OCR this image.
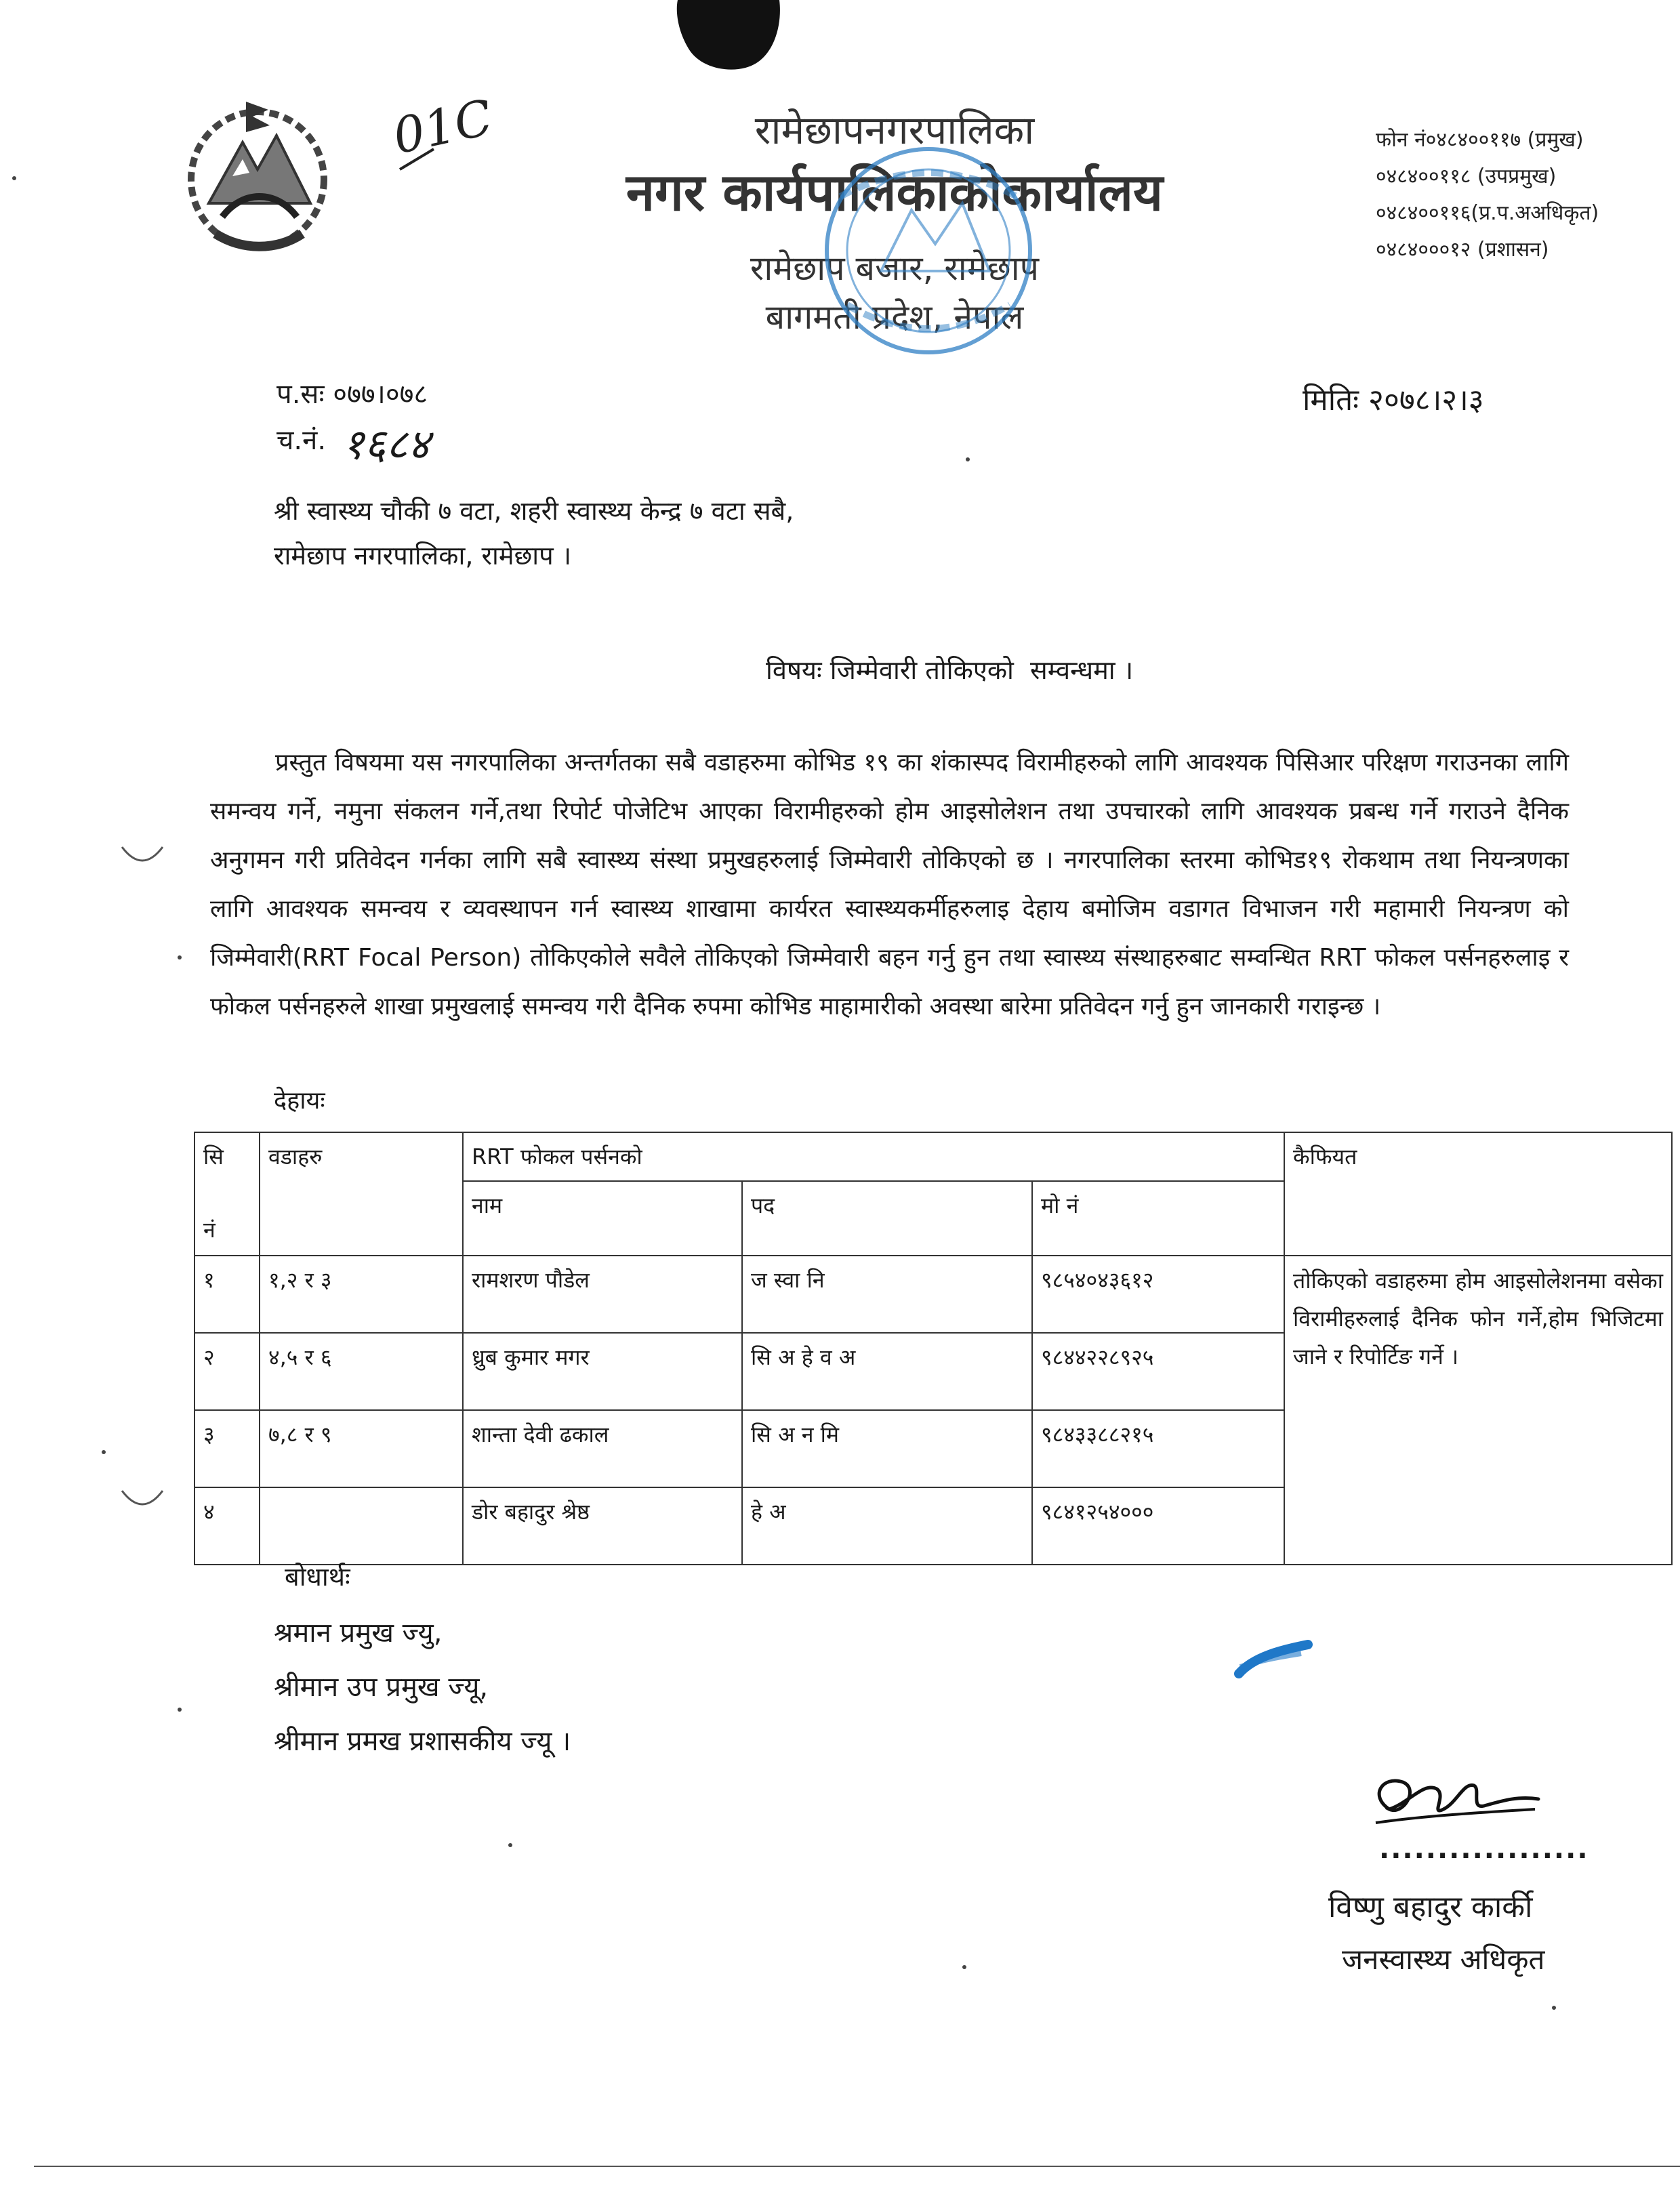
01C	रामेछापनगरपालिका
नगर कार्यपालिकाकोकार्यालय
रामेछाप बजार, रामेछाप
बागमती प्रदेश, नेपाल
फोन नं०४८४००११७ (प्रमुख)
०४८४००११८ (उपप्रमुख)
०४८४००११६(प्र.प.अअधिकृत)
०४८४०००१२ (प्रशासन)
प.सः ०७७।०७८
च.नं. १६८४
मितिः २०७८।२।३
श्री स्वास्थ्य चौकी ७ वटा, शहरी स्वास्थ्य केन्द्र ७ वटा सबै,
रामेछाप नगरपालिका, रामेछाप ।
विषयः जिम्मेवारी तोकिएको  सम्वन्धमा ।
प्रस्तुत विषयमा यस नगरपालिका अन्तर्गतका सबै वडाहरुमा कोभिड १९ का शंकास्पद विरामीहरुको लागि आवश्यक पिसिआर परिक्षण गराउनका लागि समन्वय गर्ने, नमुना संकलन गर्ने,तथा रिपोर्ट पोजेटिभ आएका विरामीहरुको होम आइसोलेशन तथा उपचारको लागि आवश्यक प्रबन्ध गर्ने गराउने दैनिक अनुगमन गरी प्रतिवेदन गर्नका लागि सबै स्वास्थ्य संस्था प्रमुखहरुलाई जिम्मेवारी तोकिएको छ । नगरपालिका स्तरमा कोभिड१९ रोकथाम तथा नियन्त्रणका लागि आवश्यक समन्वय र व्यवस्थापन गर्न स्वास्थ्य शाखामा कार्यरत स्वास्थ्यकर्मीहरुलाइ देहाय बमोजिम वडागत विभाजन गरी महामारी नियन्त्रण को जिम्मेवारी(RRT Focal Person) तोकिएकोले सवैले तोकिएको जिम्मेवारी बहन गर्नु हुन तथा स्वास्थ्य संस्थाहरुबाट सम्वन्धित RRT फोकल पर्सनहरुलाइ र फोकल पर्सनहरुले शाखा प्रमुखलाई समन्वय गरी दैनिक रुपमा कोभिड माहामारीको अवस्था बारेमा प्रतिवेदन गर्नु हुन जानकारी गराइन्छ ।
देहायः
सि
नं	वडाहरु	RRT फोकल पर्सनको			कैफियत
		नाम	पद	मो नं	
१	१,२ र ३	रामशरण पौडेल	ज स्वा नि	९८५४०४३६१२	तोकिएको वडाहरुमा होम आइसोलेशनमा वसेका विरामीहरुलाई दैनिक फोन गर्ने,होम भिजिटमा जाने र रिपोर्टिङ गर्ने ।
२	४,५ र ६	ध्रुब कुमार मगर	सि अ हे व अ	९८४४२२८९२५	
३	७,८ र ९	शान्ता देवी ढकाल	सि अ न मि	९८४३३८८२१५	
४		डोर बहादुर श्रेष्ठ	हे अ	९८४१२५४०००	
बोधार्थः
श्रमान प्रमुख ज्यु,
श्रीमान उप प्रमुख ज्यू,
श्रीमान प्रमख प्रशासकीय ज्यू ।
..................
विष्णु बहादुर कार्की
जनस्वास्थ्य अधिकृत
